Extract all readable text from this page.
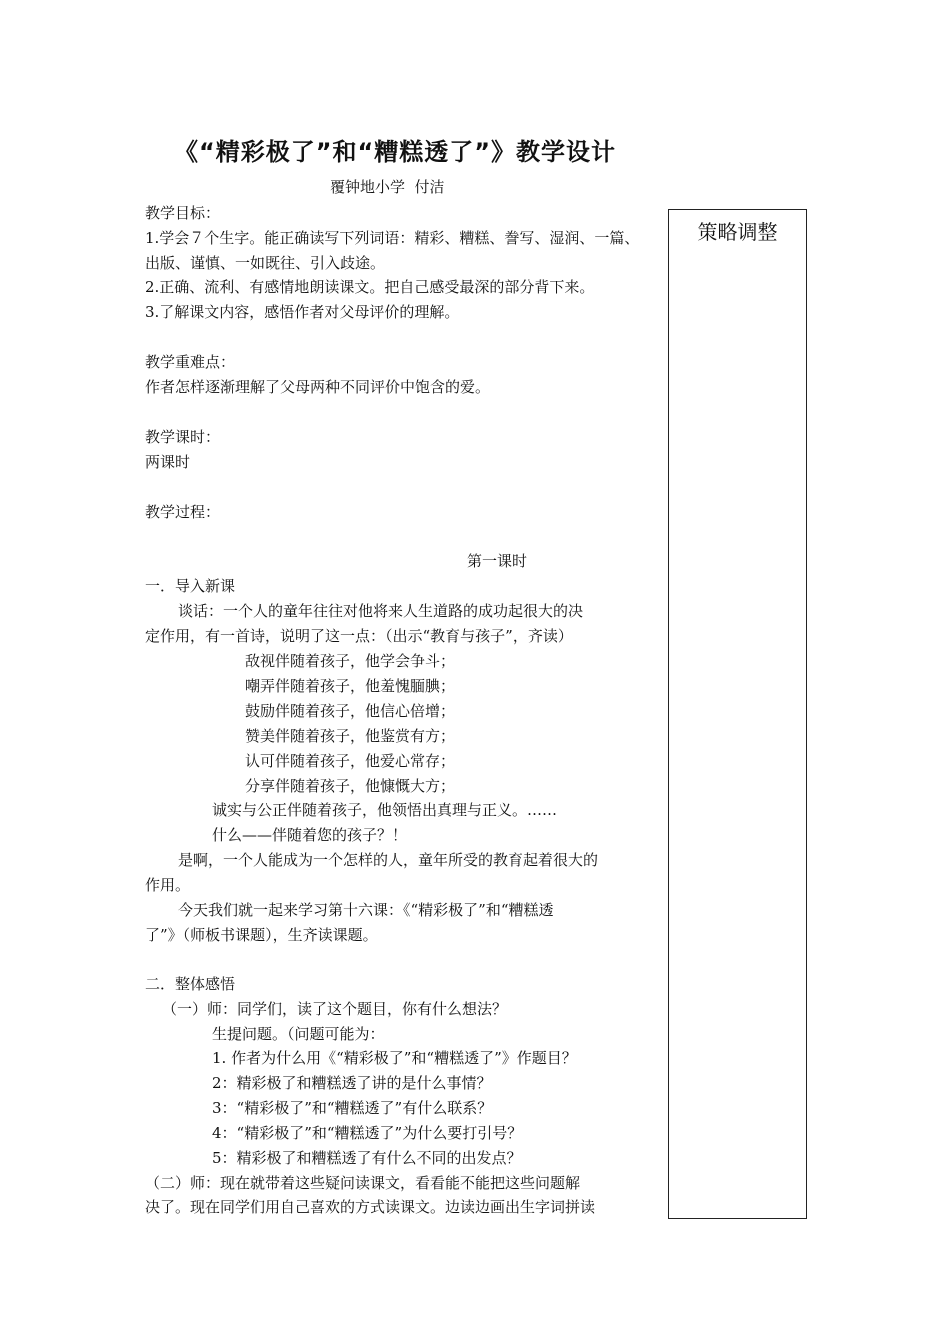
《“精彩极了”和“糟糕透了”》教学设计
覆钟地小学  付洁
策略调整
教学目标：
1.学会７个生字。能正确读写下列词语：精彩、糟糕、誊写、湿润、一篇、
出版、谨慎、一如既往、引入歧途。
2.正确、流利、有感情地朗读课文。把自己感受最深的部分背下来。
3.了解课文内容，感悟作者对父母评价的理解。
教学重难点：
作者怎样逐渐理解了父母两种不同评价中饱含的爱。
教学课时：
两课时
教学过程：
第一课时
一．导入新课
谈话：一个人的童年往往对他将来人生道路的成功起很大的决
定作用，有一首诗，说明了这一点：（出示“教育与孩子”，齐读）
敌视伴随着孩子，他学会争斗；
嘲弄伴随着孩子，他羞愧腼腆；
鼓励伴随着孩子，他信心倍增；
赞美伴随着孩子，他鉴赏有方；
认可伴随着孩子，他爱心常存；
分享伴随着孩子，他慷慨大方；
诚实与公正伴随着孩子，他领悟出真理与正义。……
什么——伴随着您的孩子？！
是啊，一个人能成为一个怎样的人，童年所受的教育起着很大的
作用。
今天我们就一起来学习第十六课：《“精彩极了”和“糟糕透
了”》（师板书课题），生齐读课题。
二．整体感悟
（一）师：同学们，读了这个题目，你有什么想法？
生提问题。（问题可能为：
1. 作者为什么用《“精彩极了”和“糟糕透了”》作题目？
2：精彩极了和糟糕透了讲的是什么事情？
3：“精彩极了”和“糟糕透了”有什么联系？
4：“精彩极了”和“糟糕透了”为什么要打引号？
5：精彩极了和糟糕透了有什么不同的出发点？
（二）师：现在就带着这些疑问读课文，看看能不能把这些问题解
决了。现在同学们用自己喜欢的方式读课文。边读边画出生字词拼读
